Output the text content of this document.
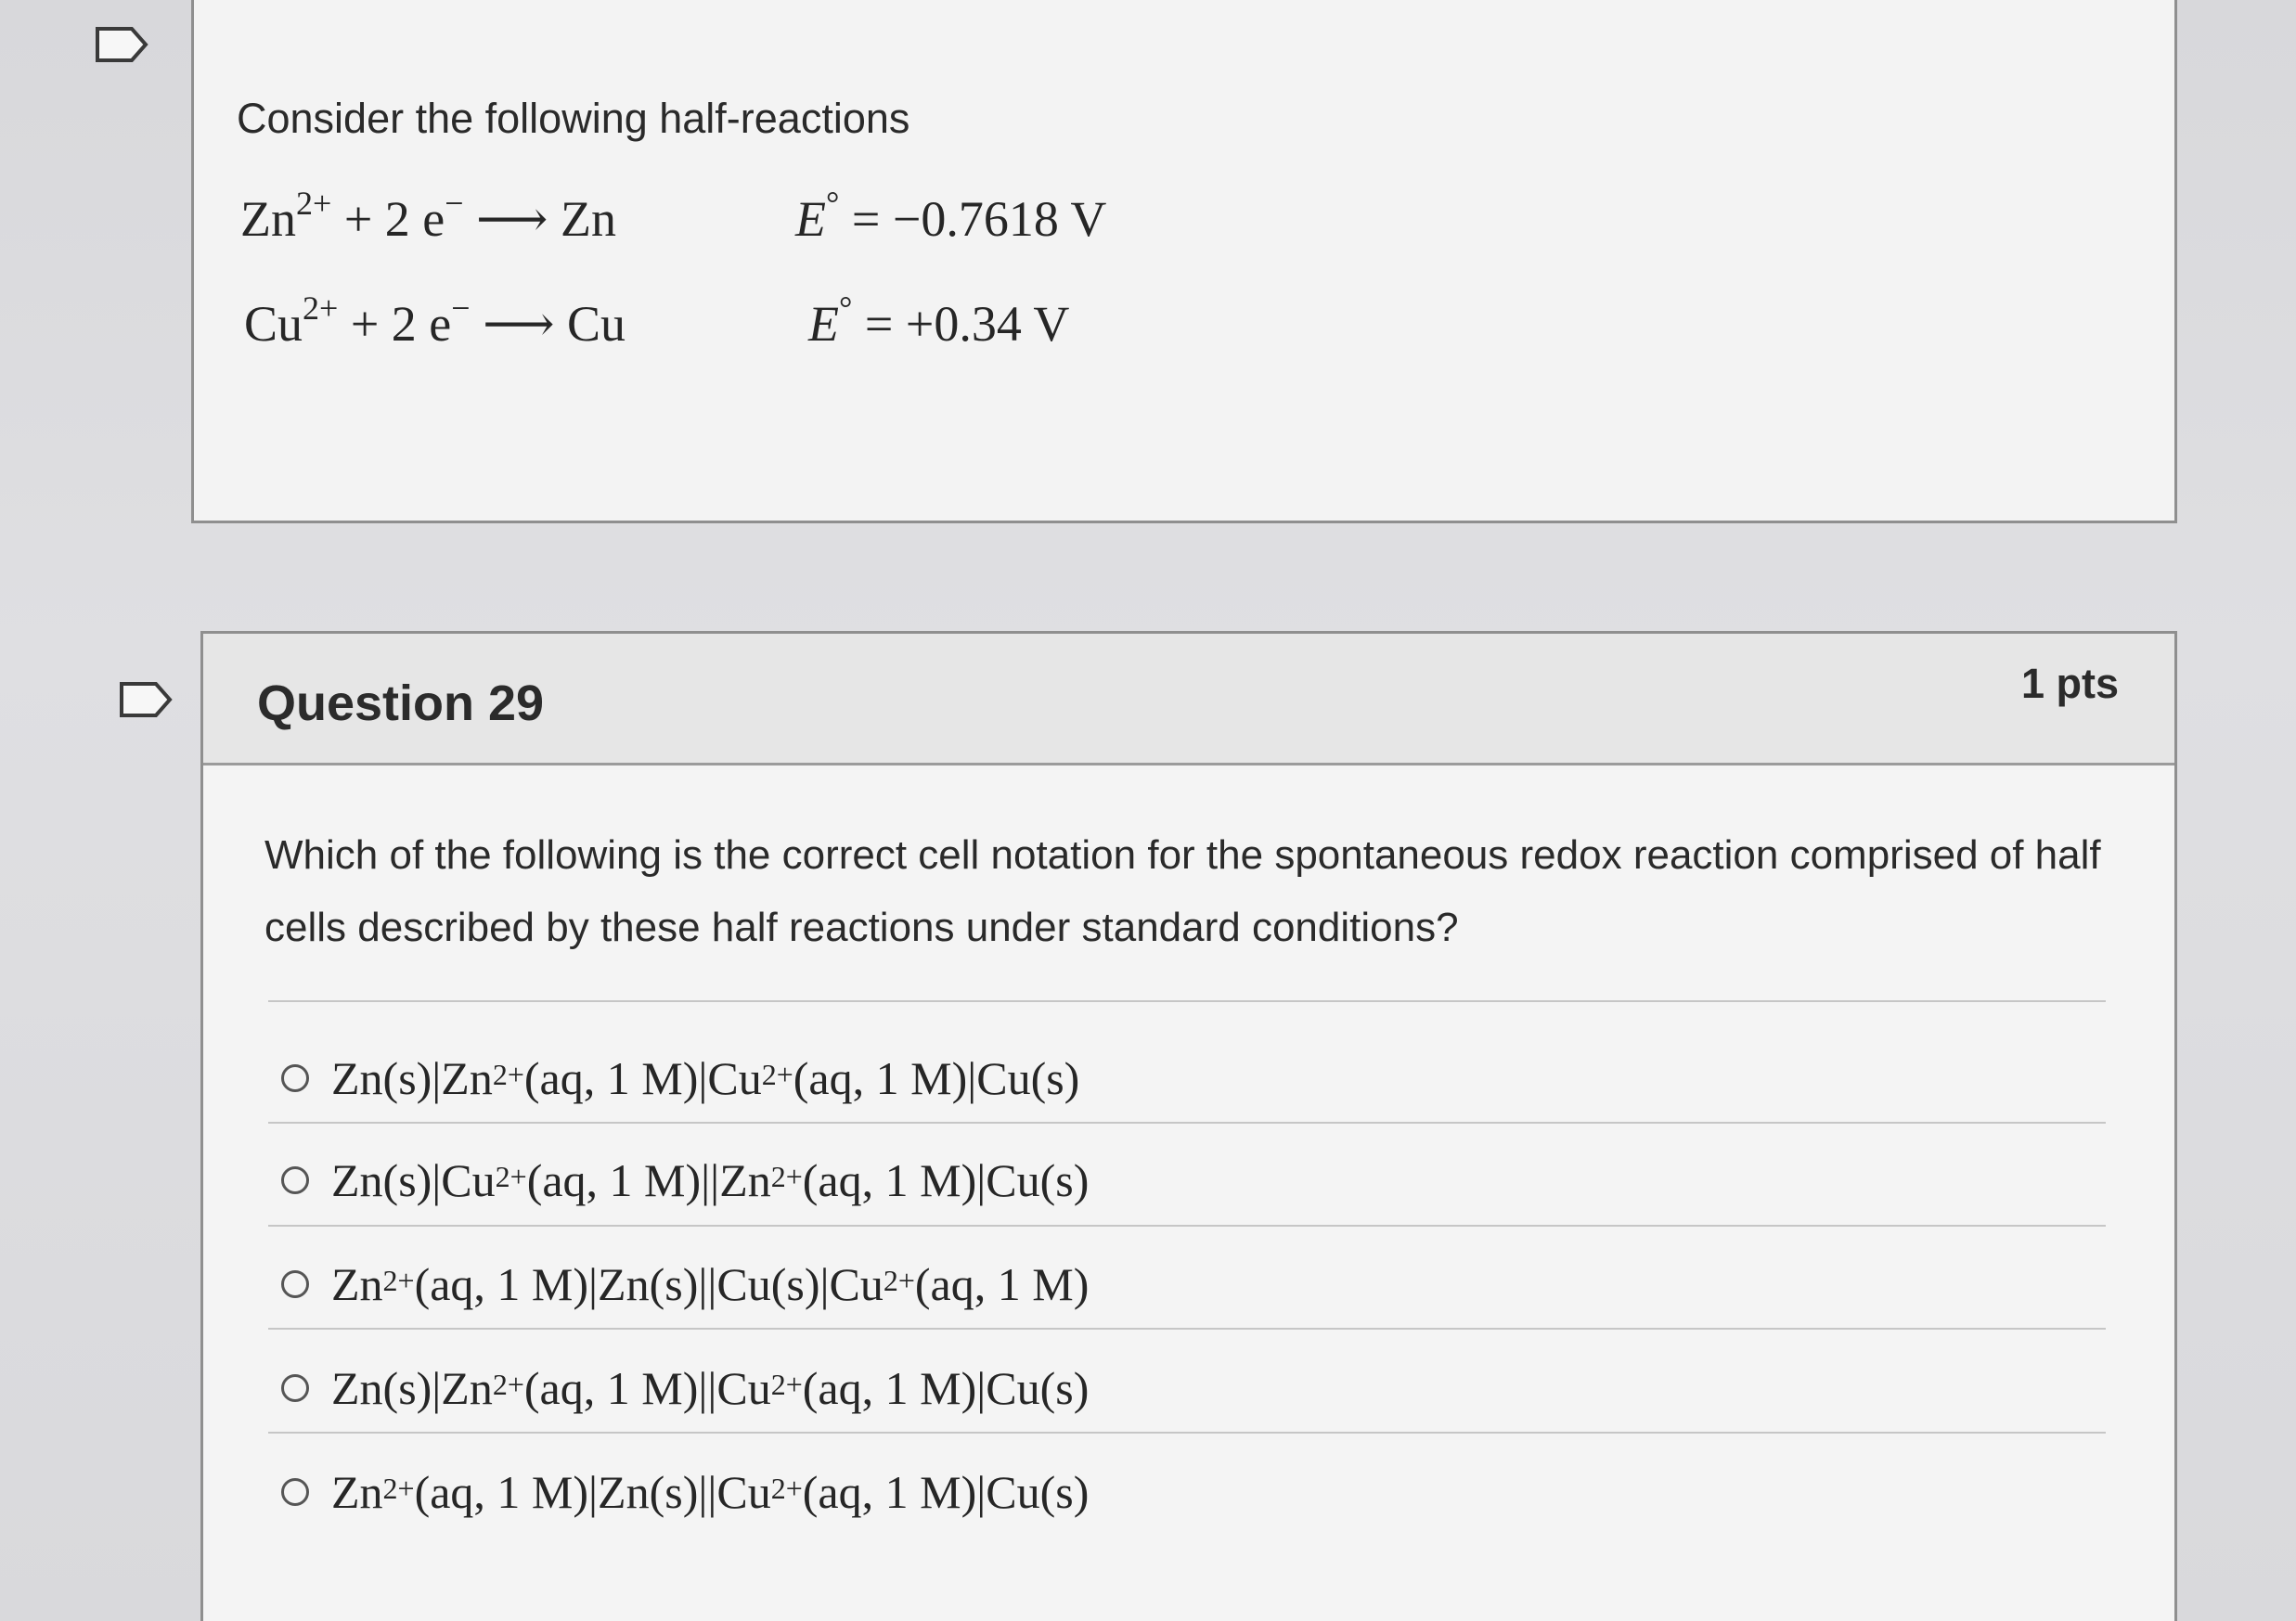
Consider the following half-reactions
$Zn^{2+} + 2$ e− ⟶ Zn	E° = −0.7618 V
$Cu^{2+} + 2$ e− ⟶ Cu	E° = +0.34 V
Question 29	1 pts
Which of the following is the correct cell notation for the spontaneous redox reaction comprised of half cells described by these half reactions under standard conditions?
$Zn(s)|Zn^{2+}$ (aq, 1 $M)|Cu^{2+}$ (aq, 1 M)|Cu(s)
$Zn(s)|Cu^{2+}$ (aq, 1 $M)||Zn^{2+}$ (aq, 1 M)|Cu(s)
$Zn^{2+}$ (aq, 1 $M)|Zn(s)||Cu(s)|Cu^{2+}$ (aq, 1 M)
$Zn(s)|Zn^{2+}$ (aq, 1 $M)||Cu^{2+}$ (aq, 1 M)|Cu(s)
$Zn^{2+}$ (aq, 1 $M)|Zn(s)||Cu^{2+}$ (aq, 1 M)|Cu(s)
